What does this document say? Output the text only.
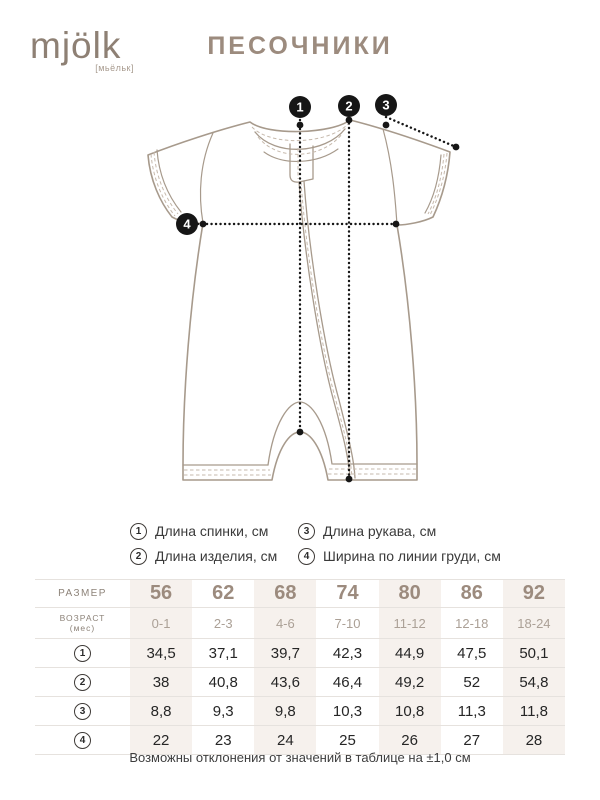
mjölk
[мьёльк]
ПЕСОЧНИКИ
1	2 3
4
1 Длина спинки, см
2 Длина изделия, см
3 Длина рукава, см
4 Ширина по линии груди, см
РАЗМЕР 56 62 68 74 80 86 92
ВОЗРАСТ
(мес)	0-1	2-3	4-6	7-10	11-12 12-18 18-24
1	34,5 37,1 39,7 42,3 44,9 47,5 50,1
2	38	40,8 43,6 46,4 49,2	52	54,8
3	8,8	9,3	9,8 10,3 10,8 11,3 11,8
4	22	23	24	25	26	27	28
Возможны отклонения от значений в таблице на ±1,0 см
